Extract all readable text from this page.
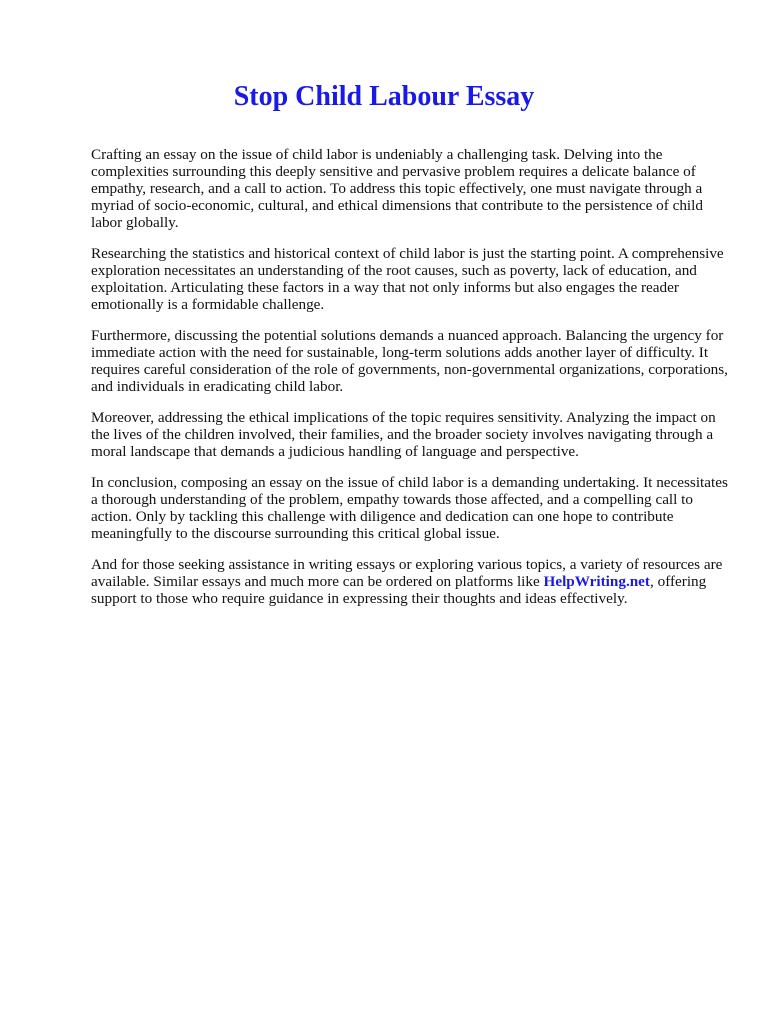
Stop Child Labour Essay

Crafting an essay on the issue of child labor is undeniably a challenging task. Delving into the complexities surrounding this deeply sensitive and pervasive problem requires a delicate balance of empathy, research, and a call to action. To address this topic effectively, one must navigate through a myriad of socio-economic, cultural, and ethical dimensions that contribute to the persistence of child labor globally.

Researching the statistics and historical context of child labor is just the starting point. A comprehensive exploration necessitates an understanding of the root causes, such as poverty, lack of education, and exploitation. Articulating these factors in a way that not only informs but also engages the reader emotionally is a formidable challenge.

Furthermore, discussing the potential solutions demands a nuanced approach. Balancing the urgency for immediate action with the need for sustainable, long-term solutions adds another layer of difficulty. It requires careful consideration of the role of governments, non-governmental organizations, corporations, and individuals in eradicating child labor.

Moreover, addressing the ethical implications of the topic requires sensitivity. Analyzing the impact on the lives of the children involved, their families, and the broader society involves navigating through a moral landscape that demands a judicious handling of language and perspective.

In conclusion, composing an essay on the issue of child labor is a demanding undertaking. It necessitates a thorough understanding of the problem, empathy towards those affected, and a compelling call to action. Only by tackling this challenge with diligence and dedication can one hope to contribute meaningfully to the discourse surrounding this critical global issue.

And for those seeking assistance in writing essays or exploring various topics, a variety of resources are available. Similar essays and much more can be ordered on platforms like HelpWriting.net, offering support to those who require guidance in expressing their thoughts and ideas effectively.
